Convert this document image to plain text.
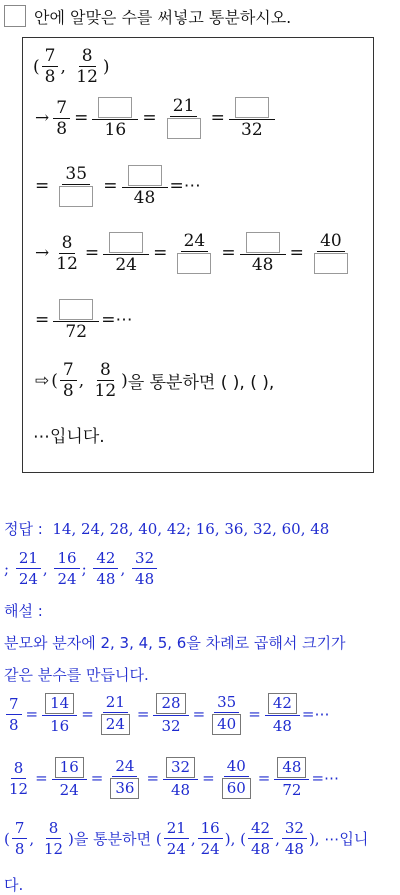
안에 알맞은 수를 써넣고 통분하시오.
( $\frac{7}{8}$ , $\frac{8}{12}$ )
→ $\frac{7}{8}$ =
16
=
21
=
32
=
35
=
48
=⋯
→ $\frac{8}{12}$ =
24
=
24
=
48
=
40
=
72
=⋯
⇨ ( $\frac{7}{8}$ , $\frac{8}{12}$ ) 을 통분하면 ( ), ( ),
⋯입니다.
정답 :
14, 24, 28, 40, 42; 16, 36, 32, 60, 48
; $\frac{21}{24}$ , $\frac{16}{24}$ ; $\frac{42}{48}$ , $\frac{32}{48}$
해설 :
분모와 분자에 2, 3, 4, 5, 6을 차례로 곱해서 크기가
같은 분수를 만듭니다.
$\frac{7}{8} = \frac{14}{16} = \frac{21}{24} = \frac{28}{32} = \frac{35}{40} = \frac{42}{48}$ =⋯
$\frac{8}{12} = \frac{16}{24} = \frac{24}{36} = \frac{32}{48} = \frac{40}{60} = \frac{48}{72}$ =⋯
( $\frac{7}{8}$ , $\frac{8}{12}$ ) 을 통분하면
( $\frac{21}{24}$ , $\frac{16}{24}$ ), ( $\frac{42}{48}$ , $\frac{32}{48}$ ), ⋯입니
다.
